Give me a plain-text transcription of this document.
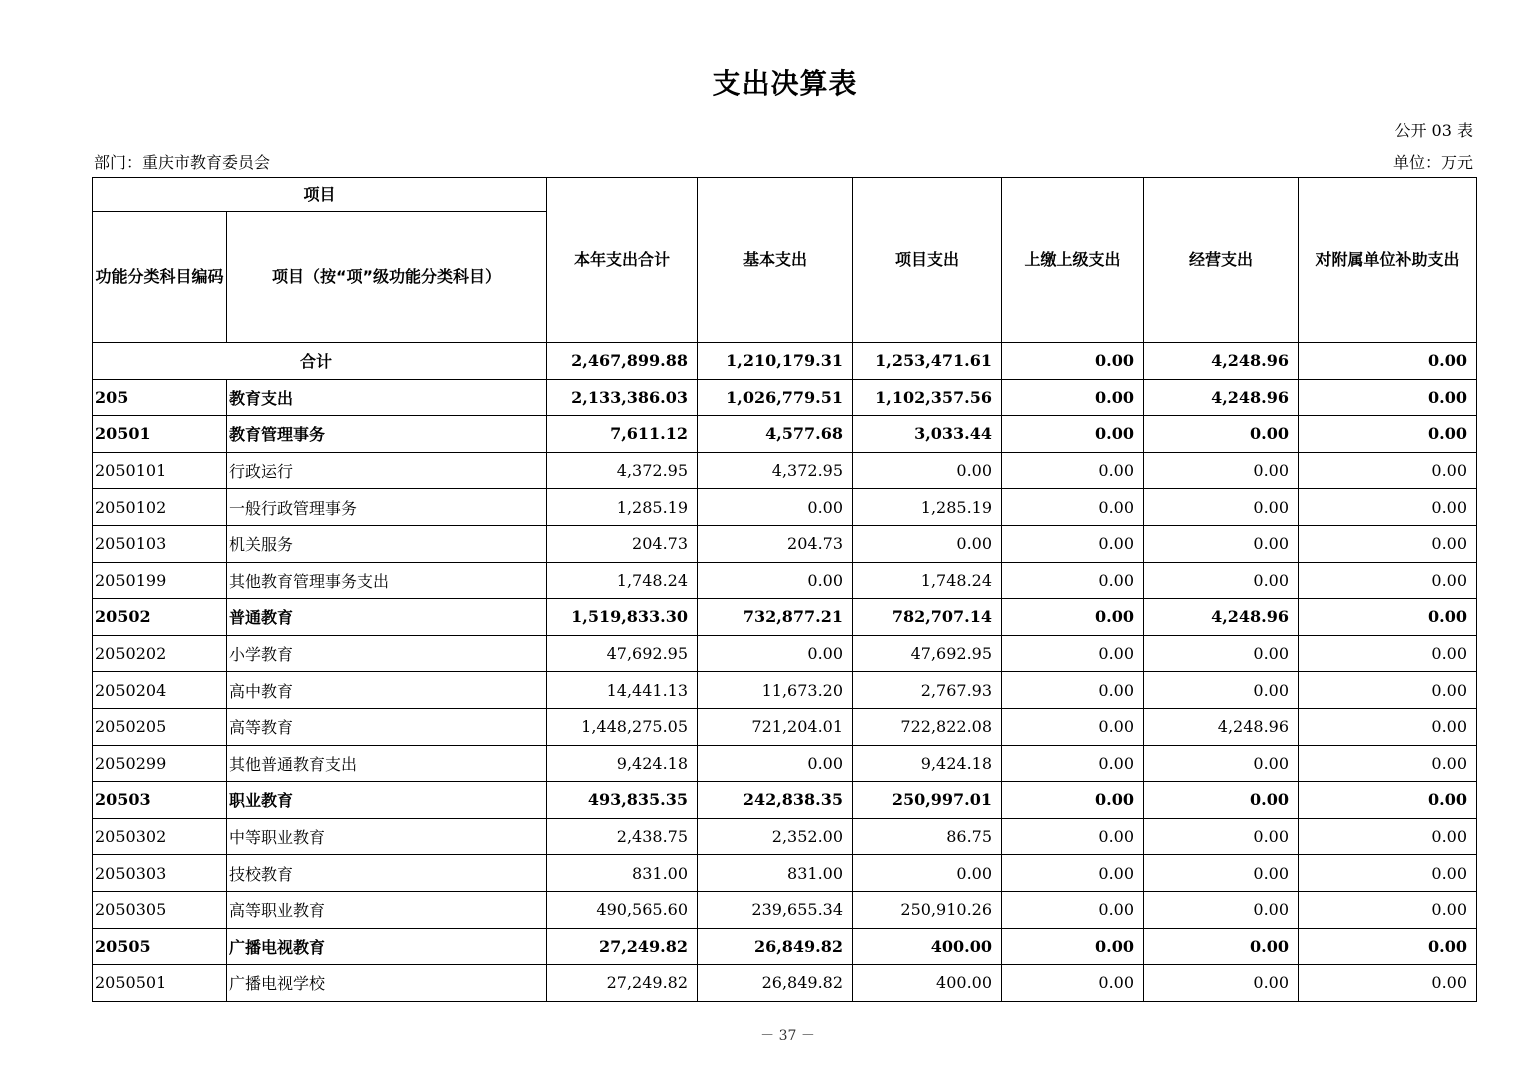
支出决算表
公开 03 表
部门：重庆市教育委员会	单位：万元
项目		本年支出合计	基本支出	项目支出	上缴上级支出	经营支出	对附属单位补助支出
功能分类科目编码	项目（按“项”级功能分类科目）						
合计		2,467,899.88	1,210,179.31	1,253,471.61	0.00	4,248.96	0.00
205	教育支出	2,133,386.03	1,026,779.51	1,102,357.56	0.00	4,248.96	0.00
20501	教育管理事务	7,611.12	4,577.68	3,033.44	0.00	0.00	0.00
2050101	行政运行	4,372.95	4,372.95	0.00	0.00	0.00	0.00
2050102	一般行政管理事务	1,285.19	0.00	1,285.19	0.00	0.00	0.00
2050103	机关服务	204.73	204.73	0.00	0.00	0.00	0.00
2050199	其他教育管理事务支出	1,748.24	0.00	1,748.24	0.00	0.00	0.00
20502	普通教育	1,519,833.30	732,877.21	782,707.14	0.00	4,248.96	0.00
2050202	小学教育	47,692.95	0.00	47,692.95	0.00	0.00	0.00
2050204	高中教育	14,441.13	11,673.20	2,767.93	0.00	0.00	0.00
2050205	高等教育	1,448,275.05	721,204.01	722,822.08	0.00	4,248.96	0.00
2050299	其他普通教育支出	9,424.18	0.00	9,424.18	0.00	0.00	0.00
20503	职业教育	493,835.35	242,838.35	250,997.01	0.00	0.00	0.00
2050302	中等职业教育	2,438.75	2,352.00	86.75	0.00	0.00	0.00
2050303	技校教育	831.00	831.00	0.00	0.00	0.00	0.00
2050305	高等职业教育	490,565.60	239,655.34	250,910.26	0.00	0.00	0.00
20505	广播电视教育	27,249.82	26,849.82	400.00	0.00	0.00	0.00
2050501	广播电视学校	27,249.82	26,849.82	400.00	0.00	0.00	0.00
－ 37 －
